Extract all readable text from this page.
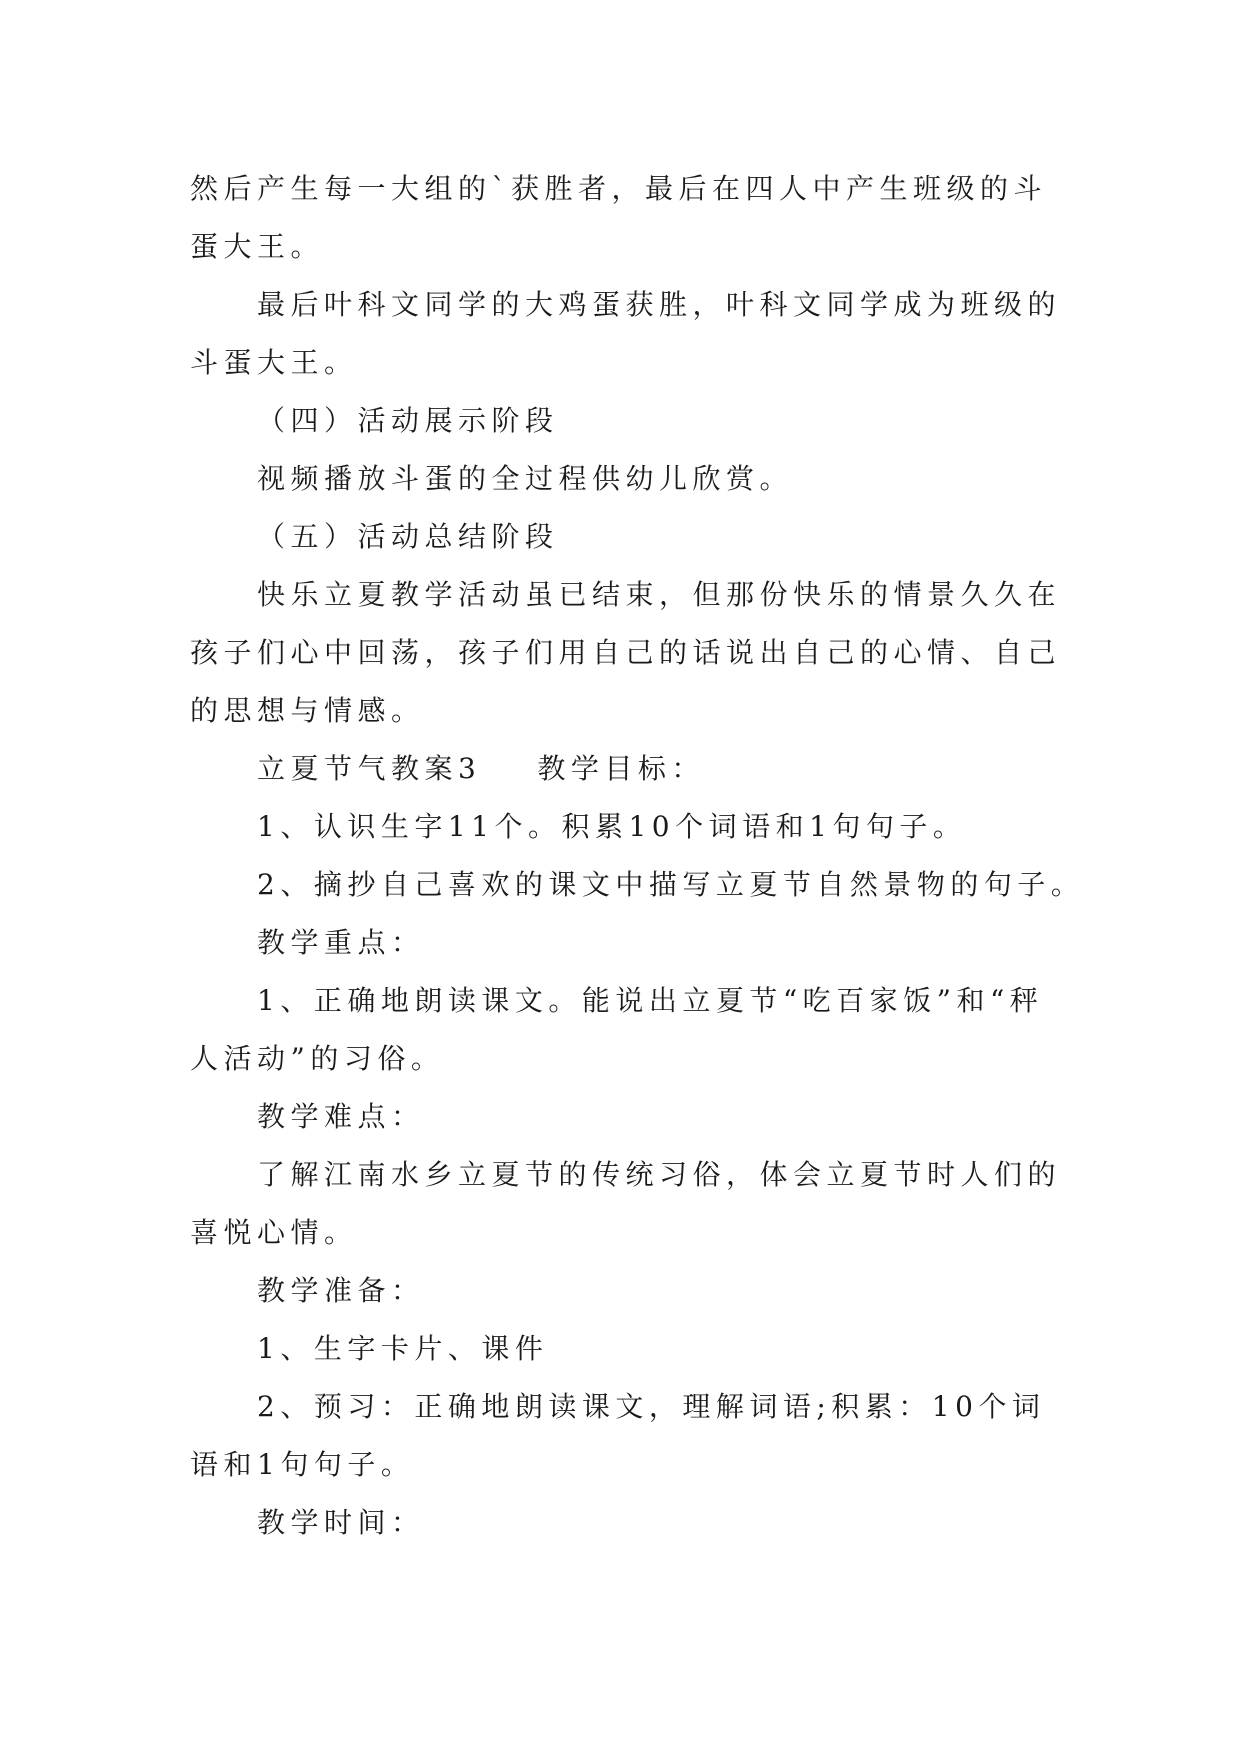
然后产生每一大组的`获胜者，最后在四人中产生班级的斗蛋大王。

最后叶科文同学的大鸡蛋获胜，叶科文同学成为班级的斗蛋大王。

（四）活动展示阶段

视频播放斗蛋的全过程供幼儿欣赏。

（五）活动总结阶段

快乐立夏教学活动虽已结束，但那份快乐的情景久久在孩子们心中回荡，孩子们用自己的话说出自己的心情、自己的思想与情感。

立夏节气教案3 教学目标：

1、认识生字11个。积累10个词语和1句句子。

2、摘抄自己喜欢的课文中描写立夏节自然景物的句子。

教学重点：

1、正确地朗读课文。能说出立夏节“吃百家饭”和“秤人活动”的习俗。

教学难点：

了解江南水乡立夏节的传统习俗，体会立夏节时人们的喜悦心情。

教学准备：

1、生字卡片、课件

2、预习：正确地朗读课文，理解词语;积累：10个词语和1句句子。

教学时间：
